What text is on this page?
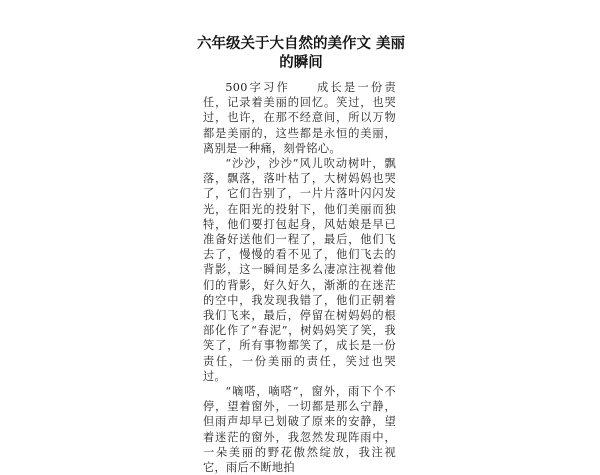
六年级关于大自然的美作文 美丽的瞬间

500字习作　　成长是一份责任，记录着美丽的回忆。笑过，也哭过，也许，在那不经意间，所以万物都是美丽的，这些都是永恒的美丽，离别是一种痛，刻骨铭心。

“沙沙，沙沙”风儿吹动树叶，飘落，飘落，落叶枯了，大树妈妈也哭了，它们告别了，一片片落叶闪闪发光，在阳光的投射下，他们美丽而独特，他们要打包起身，风姑娘是早已准备好送他们一程了，最后，他们飞去了，慢慢的看不见了，他们飞去的背影，这一瞬间是多么凄凉注视着他们的背影，好久好久，渐渐的在迷茫的空中，我发现我错了，他们正朝着我们飞来，最后，停留在树妈妈的根部化作了“春泥”，树妈妈笑了笑，我笑了，所有事物都笑了，成长是一份责任，一份美丽的责任，笑过也哭过。

“嘀嗒，嘀嗒”，窗外，雨下个不停，望着窗外，一切都是那么宁静，但雨声却早已划破了原来的安静，望着迷茫的窗外，我忽然发现阵雨中，一朵美丽的野花傲然绽放，我注视它，雨后不断地拍
